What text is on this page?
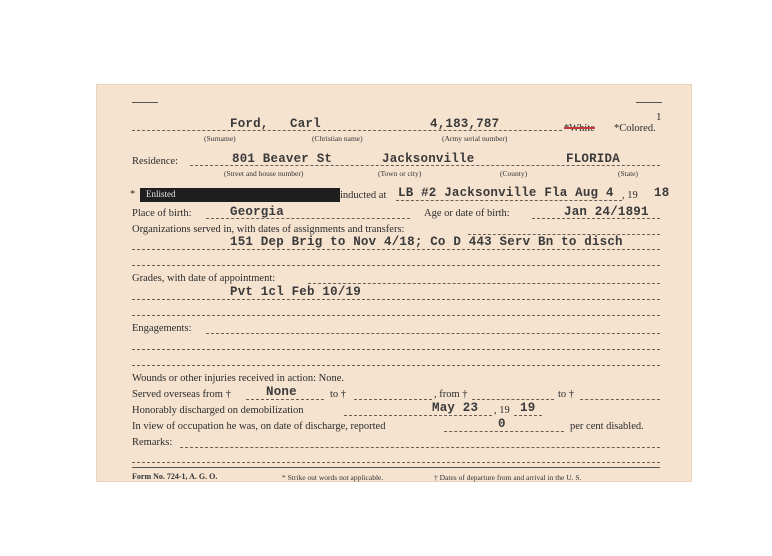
1
Ford, Carl	4,183,787	*White *Colored.
(Surname)	(Christian name)	(Army serial number)
Residence:	801 Beaver St	Jacksonville	FLORIDA
(Street and house number)	(Town or city)	(County)	(State)
* Enlisted	inducted at LB #2 Jacksonville Fla Aug 4 , 19 18
Place of birth:	Georgia	Age or date of birth:	Jan 24/1891
Organizations served in, with dates of assignments and transfers:
151 Dep Brig to Nov 4/18; Co D 443 Serv Bn to disch
Grades, with date of appointment:
Pvt 1cl Feb 10/19
Engagements:
Wounds or other injuries received in action: None.
Served overseas from †	None	to †	, from †	to †
Honorably discharged on demobilization	May 23 , 19 19
In view of occupation he was, on date of discharge, reported	0	per cent disabled.
Remarks:
Form No. 724-1, A. G. O.	* Strike out words not applicable.	† Dates of departure from and arrival in the U. S.
